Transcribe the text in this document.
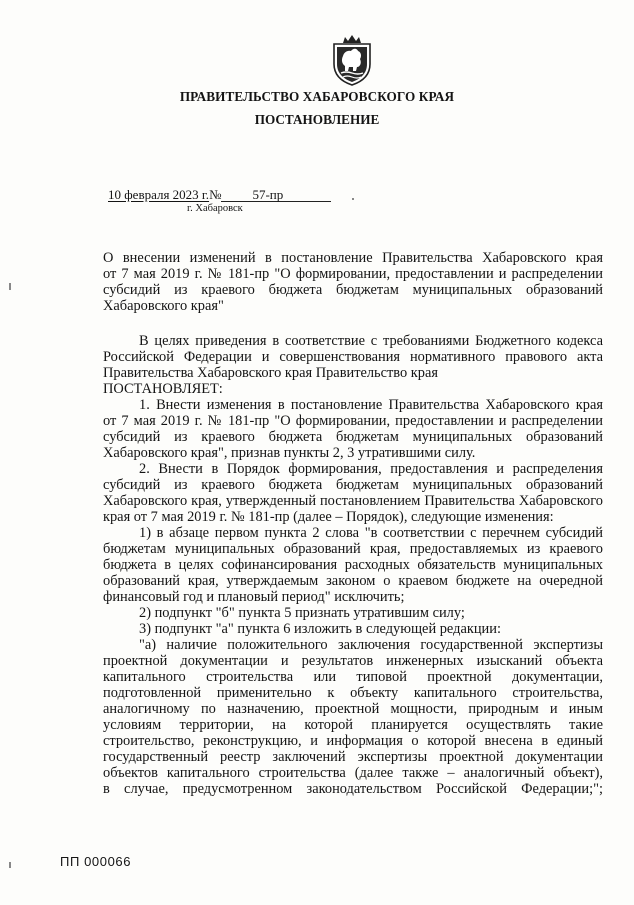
ПРАВИТЕЛЬСТВО ХАБАРОВСКОГО КРАЯ
ПОСТАНОВЛЕНИЕ
10 февраля 2023 г.№ 57-пр
г. Хабаровск
О внесении изменений в постановление Правительства Хабаровского края
от 7 мая 2019 г. № 181-пр "О формировании, предоставлении и распределении
субсидий из краевого бюджета бюджетам муниципальных образований
Хабаровского края"

В целях приведения в соответствие с требованиями Бюджетного кодекса

Российской Федерации и совершенствования нормативного правового акта

Правительства Хабаровского края Правительство края

ПОСТАНОВЛЯЕТ:

1. Внести изменения в постановление Правительства Хабаровского края

от 7 мая 2019 г. № 181-пр "О формировании, предоставлении и распределении

субсидий из краевого бюджета бюджетам муниципальных образований

Хабаровского края", признав пункты 2, 3 утратившими силу.

2. Внести в Порядок формирования, предоставления и распределения

субсидий из краевого бюджета бюджетам муниципальных образований

Хабаровского края, утвержденный постановлением Правительства Хабаровского

края от 7 мая 2019 г. № 181-пр (далее – Порядок), следующие изменения:

1) в абзаце первом пункта 2 слова "в соответствии с перечнем субсидий

бюджетам муниципальных образований края, предоставляемых из краевого

бюджета в целях софинансирования расходных обязательств муниципальных

образований края, утверждаемым законом о краевом бюджете на очередной

финансовый год и плановый период" исключить;

2) подпункт "б" пункта 5 признать утратившим силу;

3) подпункт "а" пункта 6 изложить в следующей редакции:

"а) наличие положительного заключения государственной экспертизы

проектной документации и результатов инженерных изысканий объекта

капитального строительства или типовой проектной документации,

подготовленной применительно к объекту капитального строительства,

аналогичному по назначению, проектной мощности, природным и иным

условиям территории, на которой планируется осуществлять такие

строительство, реконструкцию, и информация о которой внесена в единый

государственный реестр заключений экспертизы проектной документации

объектов капитального строительства (далее также – аналогичный объект),

в случае, предусмотренном законодательством Российской Федерации;";

ПП 000066
